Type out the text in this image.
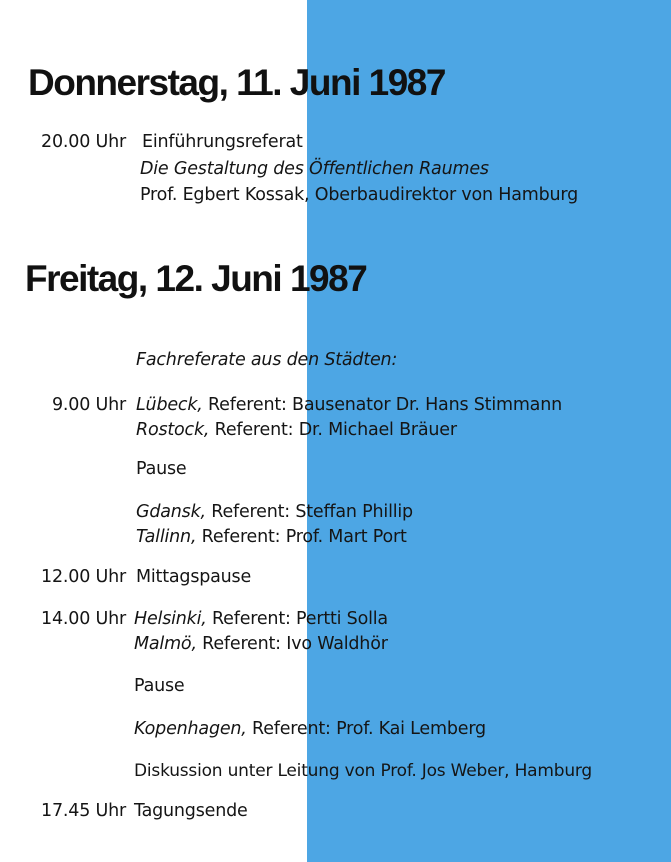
Donnerstag, 11. Juni 1987
20.00 Uhr Einführungsreferat
Die Gestaltung des Öffentlichen Raumes
Prof. Egbert Kossak, Oberbaudirektor von Hamburg
Freitag, 12. Juni 1987
Fachreferate aus den Städten:
9.00 Uhr Lübeck, Referent: Bausenator Dr. Hans Stimmann
Rostock, Referent: Dr. Michael Bräuer
Pause
Gdansk, Referent: Steffan Phillip
Tallinn, Referent: Prof. Mart Port
12.00 Uhr Mittagspause
14.00 Uhr Helsinki, Referent: Pertti Solla
Malmö, Referent: Ivo Waldhör
Pause
Kopenhagen, Referent: Prof. Kai Lemberg
Diskussion unter Leitung von Prof. Jos Weber, Hamburg
17.45 Uhr Tagungsende
